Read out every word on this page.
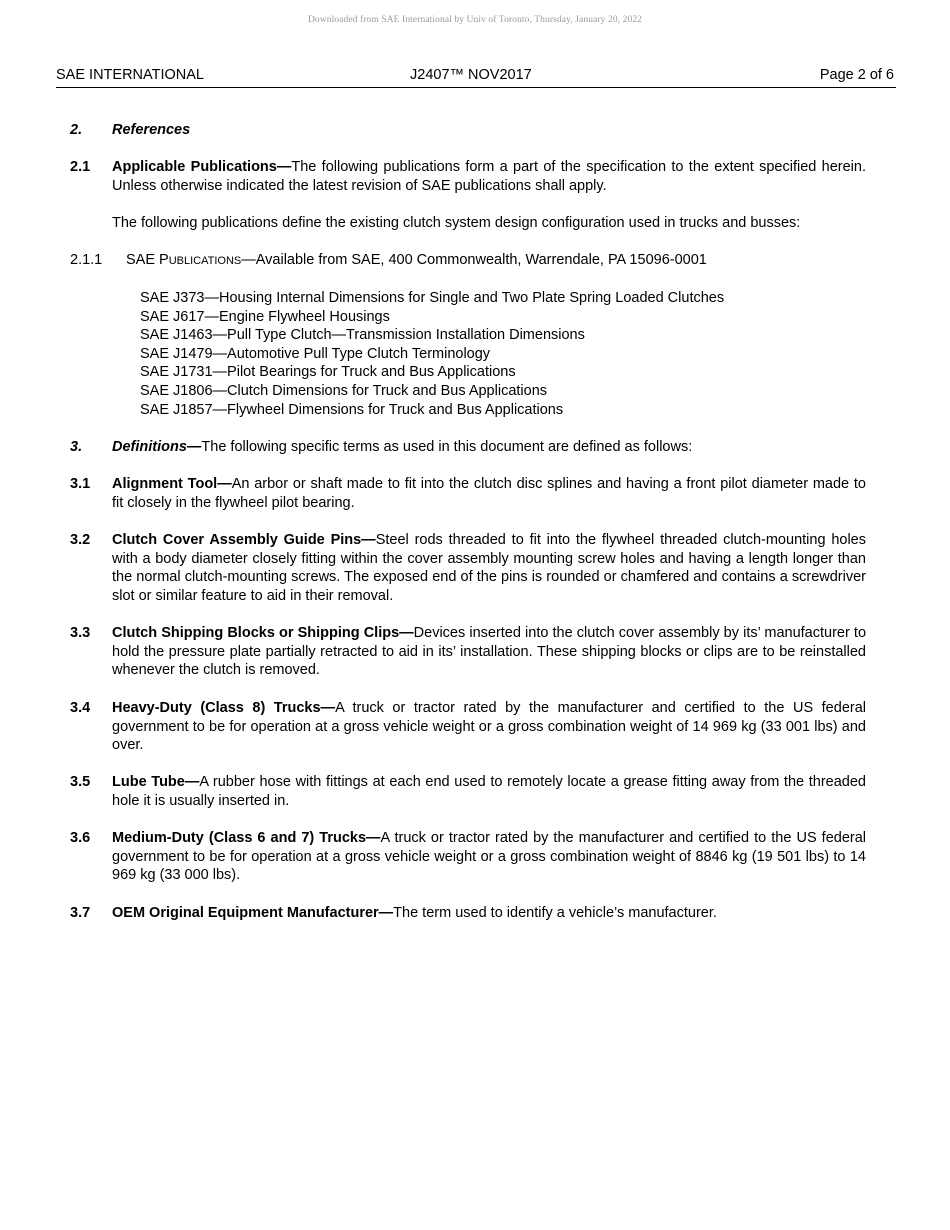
Downloaded from SAE International by Univ of Toronto, Thursday, January 20, 2022
SAE INTERNATIONAL	J2407™ NOV2017	Page 2 of 6
2. References
2.1 Applicable Publications—The following publications form a part of the specification to the extent specified herein. Unless otherwise indicated the latest revision of SAE publications shall apply.
The following publications define the existing clutch system design configuration used in trucks and busses:
2.1.1 SAE PUBLICATIONS—Available from SAE, 400 Commonwealth, Warrendale, PA 15096-0001
SAE J373—Housing Internal Dimensions for Single and Two Plate Spring Loaded Clutches
SAE J617—Engine Flywheel Housings
SAE J1463—Pull Type Clutch—Transmission Installation Dimensions
SAE J1479—Automotive Pull Type Clutch Terminology
SAE J1731—Pilot Bearings for Truck and Bus Applications
SAE J1806—Clutch Dimensions for Truck and Bus Applications
SAE J1857—Flywheel Dimensions for Truck and Bus Applications
3. Definitions—The following specific terms as used in this document are defined as follows:
3.1 Alignment Tool—An arbor or shaft made to fit into the clutch disc splines and having a front pilot diameter made to fit closely in the flywheel pilot bearing.
3.2 Clutch Cover Assembly Guide Pins—Steel rods threaded to fit into the flywheel threaded clutch-mounting holes with a body diameter closely fitting within the cover assembly mounting screw holes and having a length longer than the normal clutch-mounting screws. The exposed end of the pins is rounded or chamfered and contains a screwdriver slot or similar feature to aid in their removal.
3.3 Clutch Shipping Blocks or Shipping Clips—Devices inserted into the clutch cover assembly by its’ manufacturer to hold the pressure plate partially retracted to aid in its’ installation. These shipping blocks or clips are to be reinstalled whenever the clutch is removed.
3.4 Heavy-Duty (Class 8) Trucks—A truck or tractor rated by the manufacturer and certified to the US federal government to be for operation at a gross vehicle weight or a gross combination weight of 14 969 kg (33 001 lbs) and over.
3.5 Lube Tube—A rubber hose with fittings at each end used to remotely locate a grease fitting away from the threaded hole it is usually inserted in.
3.6 Medium-Duty (Class 6 and 7) Trucks—A truck or tractor rated by the manufacturer and certified to the US federal government to be for operation at a gross vehicle weight or a gross combination weight of 8846 kg (19 501 lbs) to 14 969 kg (33 000 lbs).
3.7 OEM Original Equipment Manufacturer—The term used to identify a vehicle’s manufacturer.
